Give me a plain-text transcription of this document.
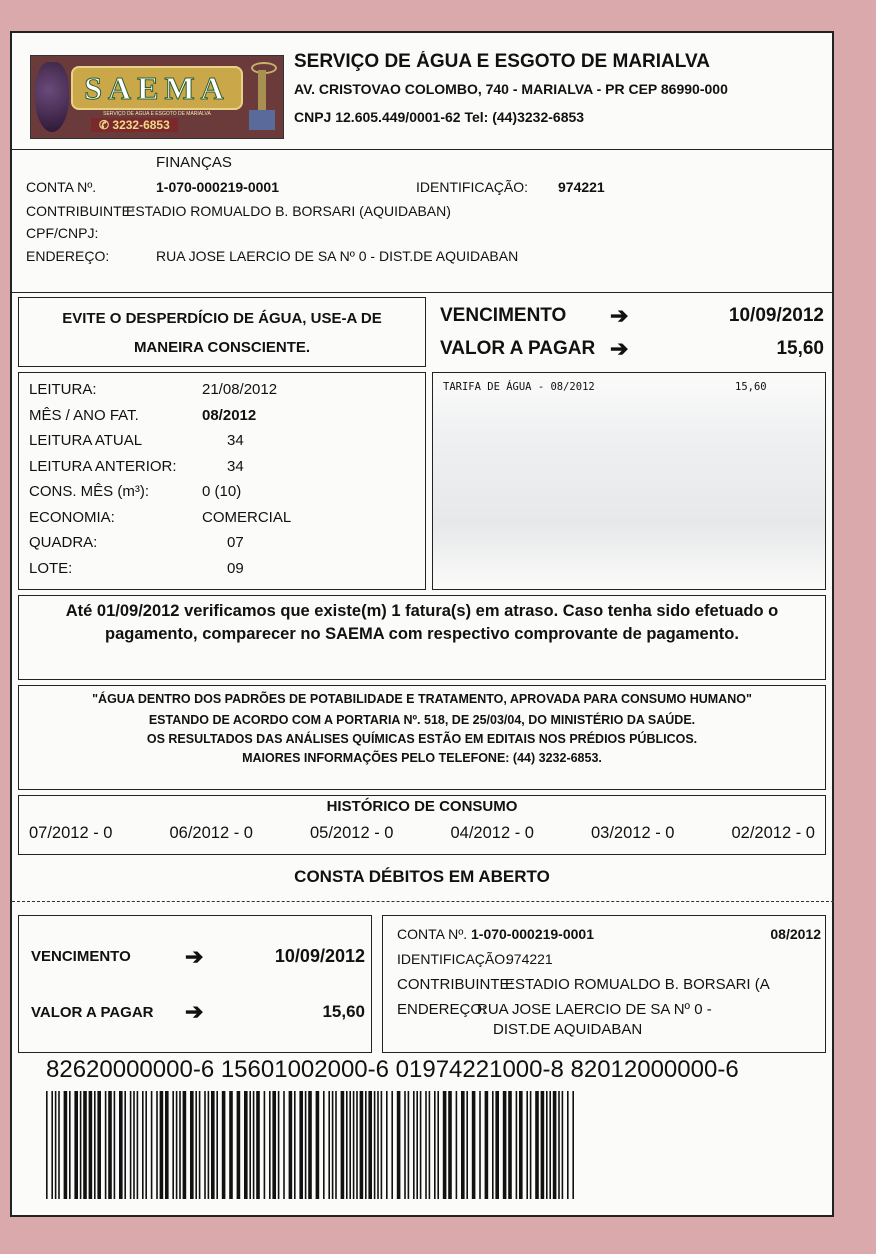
SAEMA
SERVIÇO DE ÁGUA E ESGOTO DE MARIALVA
✆ 3232-6853
SERVIÇO DE ÁGUA E ESGOTO DE MARIALVA
AV. CRISTOVAO COLOMBO, 740 - MARIALVA - PR CEP 86990-000
CNPJ 12.605.449/0001-62 Tel: (44)3232-6853
FINANÇAS
CONTA Nº.	1-070-000219-0001	IDENTIFICAÇÃO: 974221
CONTRIBUINTE:
ESTADIO ROMUALDO B. BORSARI (AQUIDABAN)
CPF/CNPJ:
ENDEREÇO:	RUA JOSE LAERCIO DE SA Nº 0 - DIST.DE AQUIDABAN
EVITE O DESPERDÍCIO DE ÁGUA, USE-A DE
MANEIRA CONSCIENTE.
VENCIMENTO ➔	10/09/2012
VALOR A PAGAR ➔	15,60
LEITURA:	21/08/2012
MÊS / ANO FAT.	08/2012
LEITURA ATUAL	34
LEITURA ANTERIOR:	34
CONS. MÊS (m³):	0 (10)
ECONOMIA:	COMERCIAL
QUADRA:	07
LOTE:	09
TARIFA DE ÁGUA - 08/2012	15,60
Até 01/09/2012 verificamos que existe(m) 1 fatura(s) em atraso. Caso tenha sido efetuado o pagamento, comparecer no SAEMA com respectivo comprovante de pagamento.
"ÁGUA DENTRO DOS PADRÕES DE POTABILIDADE E TRATAMENTO, APROVADA PARA CONSUMO HUMANO"
ESTANDO DE ACORDO COM A PORTARIA Nº. 518, DE 25/03/04, DO MINISTÉRIO DA SAÚDE.
OS RESULTADOS DAS ANÁLISES QUÍMICAS ESTÃO EM EDITAIS NOS PRÉDIOS PÚBLICOS.
MAIORES INFORMAÇÕES PELO TELEFONE: (44) 3232-6853.
HISTÓRICO DE CONSUMO
07/2012 - 0	06/2012 - 0	05/2012 - 0	04/2012 - 0	03/2012 - 0	02/2012 - 0
CONSTA DÉBITOS EM ABERTO
VENCIMENTO ➔	10/09/2012
VALOR A PAGAR ➔	15,60
CONTA Nº. 1-070-000219-0001	08/2012
IDENTIFICAÇÃO:
974221
CONTRIBUINTE:
ESTADIO ROMUALDO B. BORSARI (A
ENDEREÇO:
RUA JOSE LAERCIO DE SA Nº 0 -
DIST.DE AQUIDABAN
82620000000-6 15601002000-6 01974221000-8 82012000000-6
